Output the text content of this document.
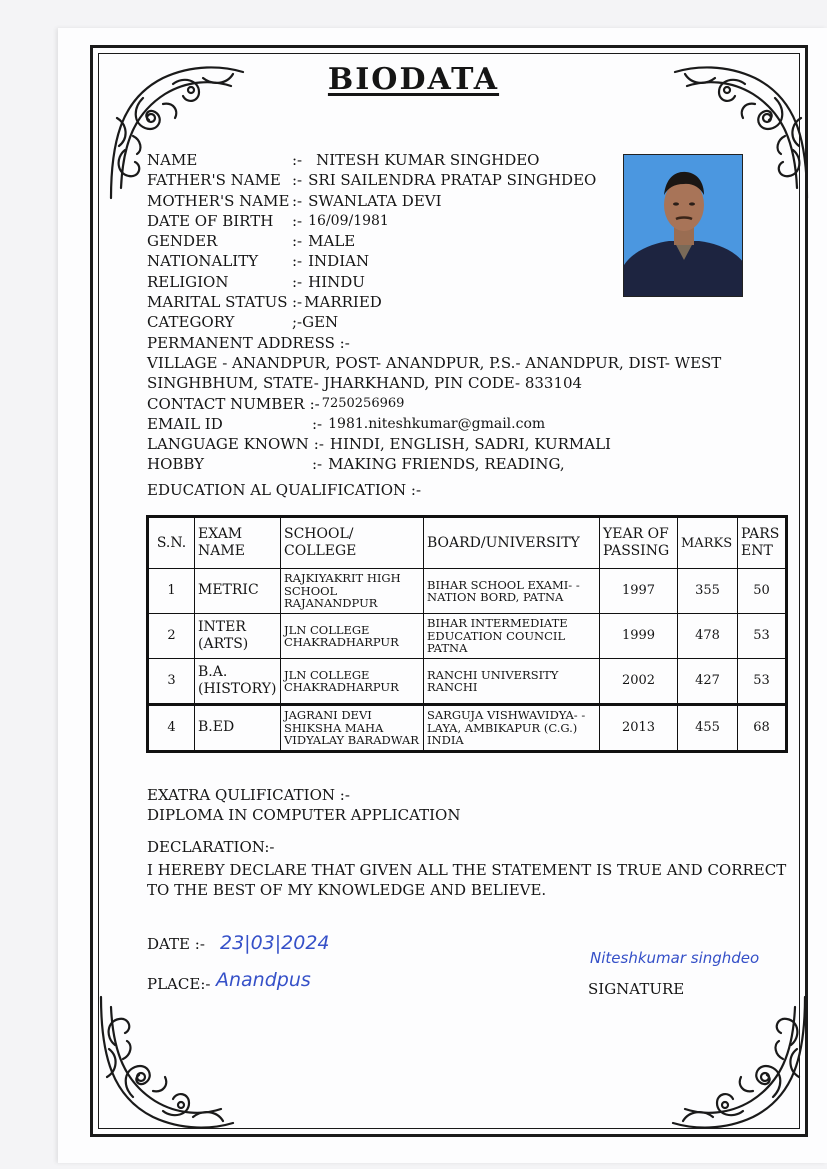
BIODATA
NAME	:- NITESH KUMAR SINGHDEO
FATHER'S NAME :- SRI SAILENDRA PRATAP SINGHDEO
MOTHER'S NAME :- SWANLATA DEVI
DATE OF BIRTH	:- 16/09/1981
GENDER	:- MALE
NATIONALITY	:- INDIAN
RELIGION	:- HINDU
MARITAL STATUS :- MARRIED
CATEGORY	;- GEN
PERMANENT ADDRESS :-
VILLAGE - ANANDPUR, POST- ANANDPUR, P.S.- ANANDPUR, DIST- WEST
SINGHBHUM, STATE- JHARKHAND, PIN CODE- 833104
CONTACT NUMBER :- 7250256969
EMAIL ID	:- 1981.niteshkumar@gmail.com
LANGUAGE KNOWN :- HINDI, ENGLISH, SADRI, KURMALI
HOBBY	:- MAKING FRIENDS, READING,
EDUCATION AL QUALIFICATION :-
S.N.	EXAM NAME	SCHOOL/ COLLEGE	BOARD/UNIVERSITY	YEAR OF PASSING	MARKS	PARS ENT
1	METRIC	RAJKIYAKRIT HIGH SCHOOL RAJANANDPUR	BIHAR SCHOOL EXAMI- -NATION BORD, PATNA	1997	355	50
2	INTER (ARTS)	JLN COLLEGE CHAKRADHARPUR	BIHAR INTERMEDIATE EDUCATION COUNCIL PATNA	1999	478	53
3	B.A. (HISTORY)	JLN COLLEGE CHAKRADHARPUR	RANCHI UNIVERSITY RANCHI	2002	427	53
4	B.ED	JAGRANI DEVI SHIKSHA MAHA VIDYALAY BARADWAR	SARGUJA VISHWAVIDYA- -LAYA, AMBIKAPUR (C.G.) INDIA	2013	455	68
EXATRA QULIFICATION :-
DIPLOMA IN COMPUTER APPLICATION
DECLARATION:-
I HEREBY DECLARE THAT GIVEN ALL THE STATEMENT IS TRUE AND CORRECT TO THE BEST OF MY KNOWLEDGE AND BELIEVE.
DATE :- 23|03|2024
PLACE:- Anandpus
Niteshkumar singhdeo
SIGNATURE
